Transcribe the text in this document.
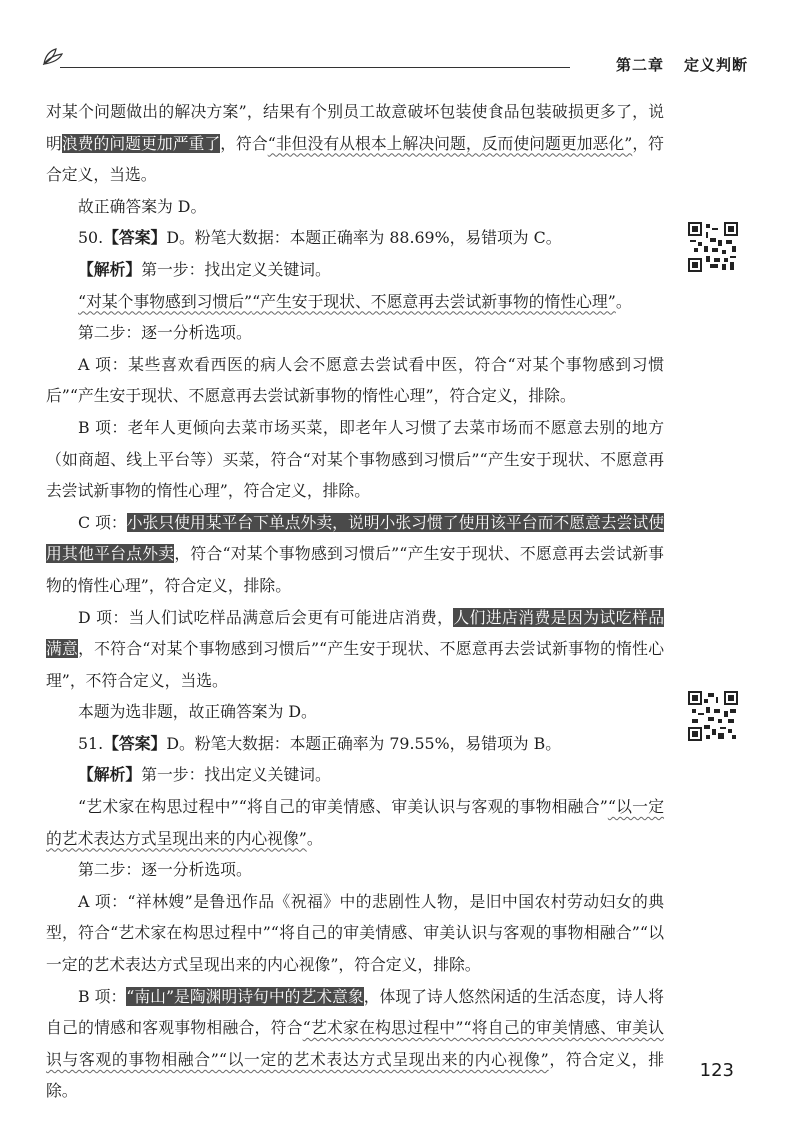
第二章 定义判断

对某个问题做出的解决方案”，结果有个别员工故意破坏包装使食品包装破损更多了，说明浪费的问题更加严重了，符合“非但没有从根本上解决问题，反而使问题更加恶化”，符合定义，当选。

故正确答案为 D。

50.【答案】D。粉笔大数据：本题正确率为 88.69%，易错项为 C。

【解析】第一步：找出定义关键词。

“对某个事物感到习惯后”“产生安于现状、不愿意再去尝试新事物的惰性心理”。

第二步：逐一分析选项。

A 项：某些喜欢看西医的病人会不愿意去尝试看中医，符合“对某个事物感到习惯后”“产生安于现状、不愿意再去尝试新事物的惰性心理”，符合定义，排除。

B 项：老年人更倾向去菜市场买菜，即老年人习惯了去菜市场而不愿意去别的地方（如商超、线上平台等）买菜，符合“对某个事物感到习惯后”“产生安于现状、不愿意再去尝试新事物的惰性心理”，符合定义，排除。

C 项：小张只使用某平台下单点外卖，说明小张习惯了使用该平台而不愿意去尝试使用其他平台点外卖，符合“对某个事物感到习惯后”“产生安于现状、不愿意再去尝试新事物的惰性心理”，符合定义，排除。

D 项：当人们试吃样品满意后会更有可能进店消费，人们进店消费是因为试吃样品满意，不符合“对某个事物感到习惯后”“产生安于现状、不愿意再去尝试新事物的惰性心理”，不符合定义，当选。

本题为选非题，故正确答案为 D。

51.【答案】D。粉笔大数据：本题正确率为 79.55%，易错项为 B。

【解析】第一步：找出定义关键词。

“艺术家在构思过程中”“将自己的审美情感、审美认识与客观的事物相融合”“以一定的艺术表达方式呈现出来的内心视像”。

第二步：逐一分析选项。

A 项：“祥林嫂”是鲁迅作品《祝福》中的悲剧性人物，是旧中国农村劳动妇女的典型，符合“艺术家在构思过程中”“将自己的审美情感、审美认识与客观的事物相融合”“以一定的艺术表达方式呈现出来的内心视像”，符合定义，排除。

B 项：“南山”是陶渊明诗句中的艺术意象，体现了诗人悠然闲适的生活态度，诗人将自己的情感和客观事物相融合，符合“艺术家在构思过程中”“将自己的审美情感、审美认识与客观的事物相融合”“以一定的艺术表达方式呈现出来的内心视像”，符合定义，排除。

123
